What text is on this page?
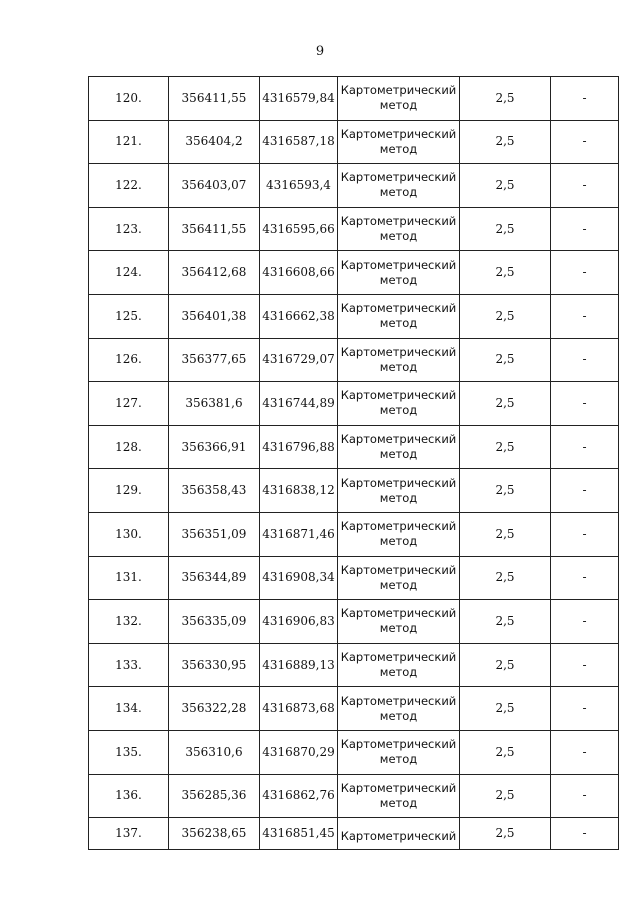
9
120.	356411,55	4316579,84	Картометрический метод	2,5	-
121.	356404,2	4316587,18	Картометрический метод	2,5	-
122.	356403,07	4316593,4	Картометрический метод	2,5	-
123.	356411,55	4316595,66	Картометрический метод	2,5	-
124.	356412,68	4316608,66	Картометрический метод	2,5	-
125.	356401,38	4316662,38	Картометрический метод	2,5	-
126.	356377,65	4316729,07	Картометрический метод	2,5	-
127.	356381,6	4316744,89	Картометрический метод	2,5	-
128.	356366,91	4316796,88	Картометрический метод	2,5	-
129.	356358,43	4316838,12	Картометрический метод	2,5	-
130.	356351,09	4316871,46	Картометрический метод	2,5	-
131.	356344,89	4316908,34	Картометрический метод	2,5	-
132.	356335,09	4316906,83	Картометрический метод	2,5	-
133.	356330,95	4316889,13	Картометрический метод	2,5	-
134.	356322,28	4316873,68	Картометрический метод	2,5	-
135.	356310,6	4316870,29	Картометрический метод	2,5	-
136.	356285,36	4316862,76	Картометрический метод	2,5	-
137.	356238,65	4316851,45	Картометрический	2,5	-
